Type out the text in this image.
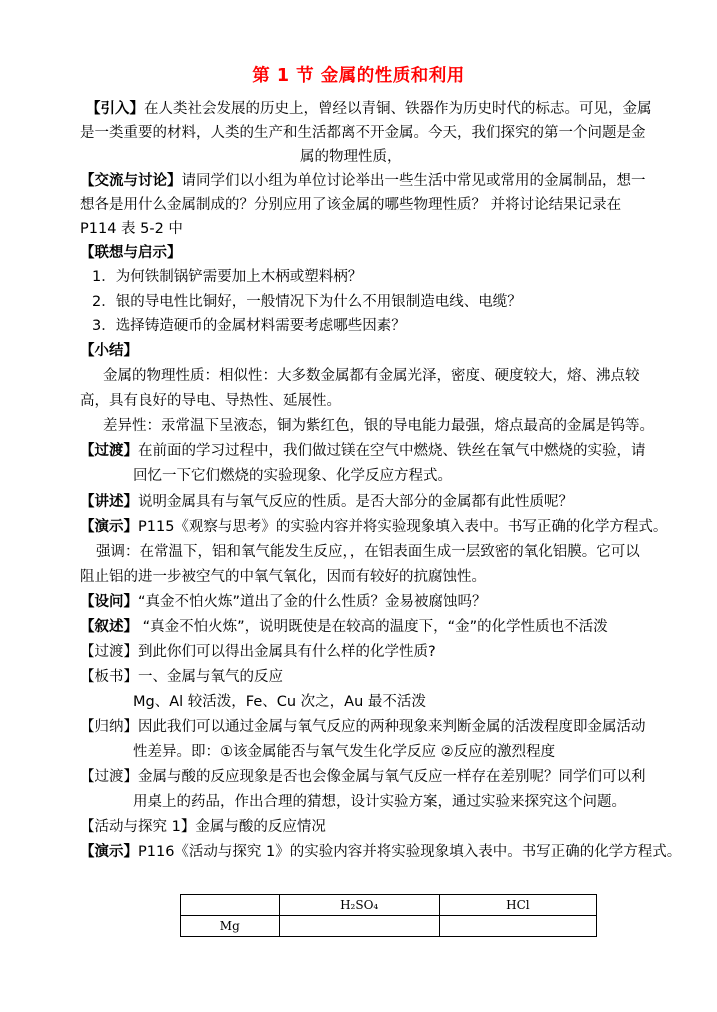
第 1 节 金属的性质和利用
【引入】在人类社会发展的历史上，曾经以青铜、铁器作为历史时代的标志。可见，金属
是一类重要的材料，人类的生产和生活都离不开金属。今天，我们探究的第一个问题是金
属的物理性质，
【交流与讨论】请同学们以小组为单位讨论举出一些生活中常见或常用的金属制品，想一
想各是用什么金属制成的？分别应用了该金属的哪些物理性质？ 并将讨论结果记录在
P114 表 5-2 中
【联想与启示】
1．为何铁制锅铲需要加上木柄或塑料柄？
2．银的导电性比铜好，一般情况下为什么不用银制造电线、电缆？
3．选择铸造硬币的金属材料需要考虑哪些因素？
【小结】
金属的物理性质：相似性：大多数金属都有金属光泽，密度、硬度较大，熔、沸点较
高，具有良好的导电、导热性、延展性。
差异性：汞常温下呈液态，铜为紫红色，银的导电能力最强，熔点最高的金属是钨等。
【过渡】在前面的学习过程中，我们做过镁在空气中燃烧、铁丝在氧气中燃烧的实验，请
回忆一下它们燃烧的实验现象、化学反应方程式。
【讲述】说明金属具有与氧气反应的性质。是否大部分的金属都有此性质呢？
【演示】P115《观察与思考》的实验内容并将实验现象填入表中。书写正确的化学方程式。
强调：在常温下，铝和氧气能发生反应，，在铝表面生成一层致密的氧化铝膜。它可以
阻止铝的进一步被空气的中氧气氧化，因而有较好的抗腐蚀性。
【设问】“真金不怕火炼”道出了金的什么性质？金易被腐蚀吗？
【叙述】 “真金不怕火炼”，说明既使是在较高的温度下，“金”的化学性质也不活泼
【过渡】到此你们可以得出金属具有什么样的化学性质?
【板书】一、金属与氧气的反应
Mg、Al 较活泼，Fe、Cu 次之，Au 最不活泼
【归纳】因此我们可以通过金属与氧气反应的两种现象来判断金属的活泼程度即金属活动
性差异。即：①该金属能否与氧气发生化学反应 ②反应的激烈程度
【过渡】金属与酸的反应现象是否也会像金属与氧气反应一样存在差别呢？同学们可以利
用桌上的药品，作出合理的猜想，设计实验方案，通过实验来探究这个问题。
【活动与探究 1】金属与酸的反应情况
【演示】P116《活动与探究 1》的实验内容并将实验现象填入表中。书写正确的化学方程式。
	H₂SO₄	HCl
Mg		
